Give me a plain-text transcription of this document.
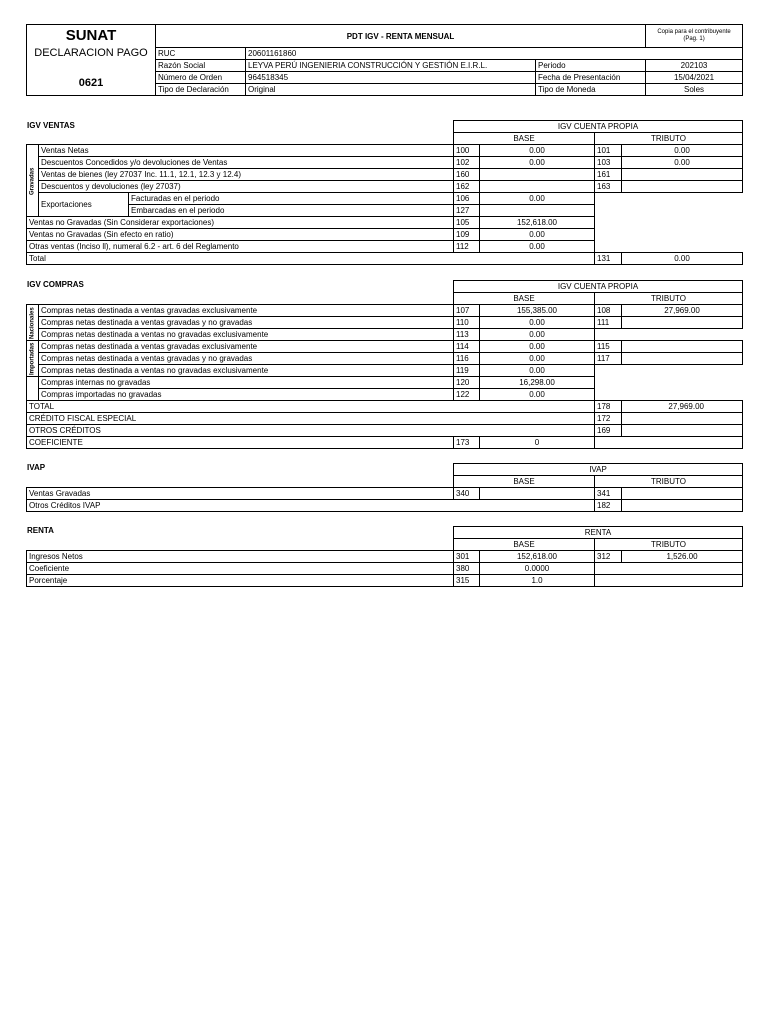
SUNAT	PDT IGV - RENTA MENSUAL			Copia para el contribuyente
(Pag. 1)
DECLARACIÓN PAGO	RUC	20601161860		
	Razón Social	LEYVA PERÚ INGENIERIA CONSTRUCCIÓN Y GESTIÓN E.I.R.L.	Periodo	202103
0621	Número de Orden	964518345	Fecha de Presentación	15/04/2021
	Tipo de Declaración	Original	Tipo de Moneda	Soles
IGV VENTAS
			IGV CUENTA PROPIA			
			BASE		TRIBUTO	
Gravadas	Ventas Netas		100	0.00	101	0.00
	Descuentos Concedidos y/o devoluciones de Ventas		102	0.00	103	0.00
	Ventas de bienes (ley 27037 Inc. 11.1, 12.1, 12.3 y 12.4)		160		161	
	Descuentos y devoluciones (ley 27037)		162		163	
	Exportaciones	Facturadas en el periodo	106	0.00		
		Embarcadas en el periodo	127			
Ventas no Gravadas (Sin Considerar exportaciones)			105	152,618.00		
Ventas no Gravadas (Sin efecto en ratio)			109	0.00		
Otras ventas (Inciso ll), numeral 6.2 - art. 6 del Reglamento			112	0.00		
Total					131	0.00
IGV COMPRAS
		IGV CUENTA PROPIA			
		BASE		TRIBUTO	
Nacionales	Compras netas destinada a ventas gravadas exclusivamente	107	155,385.00	108	27,969.00
	Compras netas destinada a ventas gravadas y no gravadas	110	0.00	111	
	Compras netas destinada a ventas no gravadas exclusivamente	113	0.00		
Importadas	Compras netas destinada a ventas gravadas exclusivamente	114	0.00	115	
	Compras netas destinada a ventas gravadas y no gravadas	116	0.00	117	
	Compras netas destinada a ventas no gravadas exclusivamente	119	0.00		
	Compras internas no gravadas	120	16,298.00		
	Compras importadas no gravadas	122	0.00		
TOTAL				178	27,969.00
CRÉDITO FISCAL ESPECIAL				172	
OTROS CRÉDITOS				169	
COEFICIENTE		173	0		
IVAP
		IVAP			
	BASE		TRIBUTO	
Ventas Gravadas	340		341	
Otros Créditos IVAP			182	
RENTA
		RENTA			
	BASE		TRIBUTO	
Ingresos Netos	301	152,618.00	312	1,526.00
Coeficiente	380	0.0000		
Porcentaje	315	1.0		
